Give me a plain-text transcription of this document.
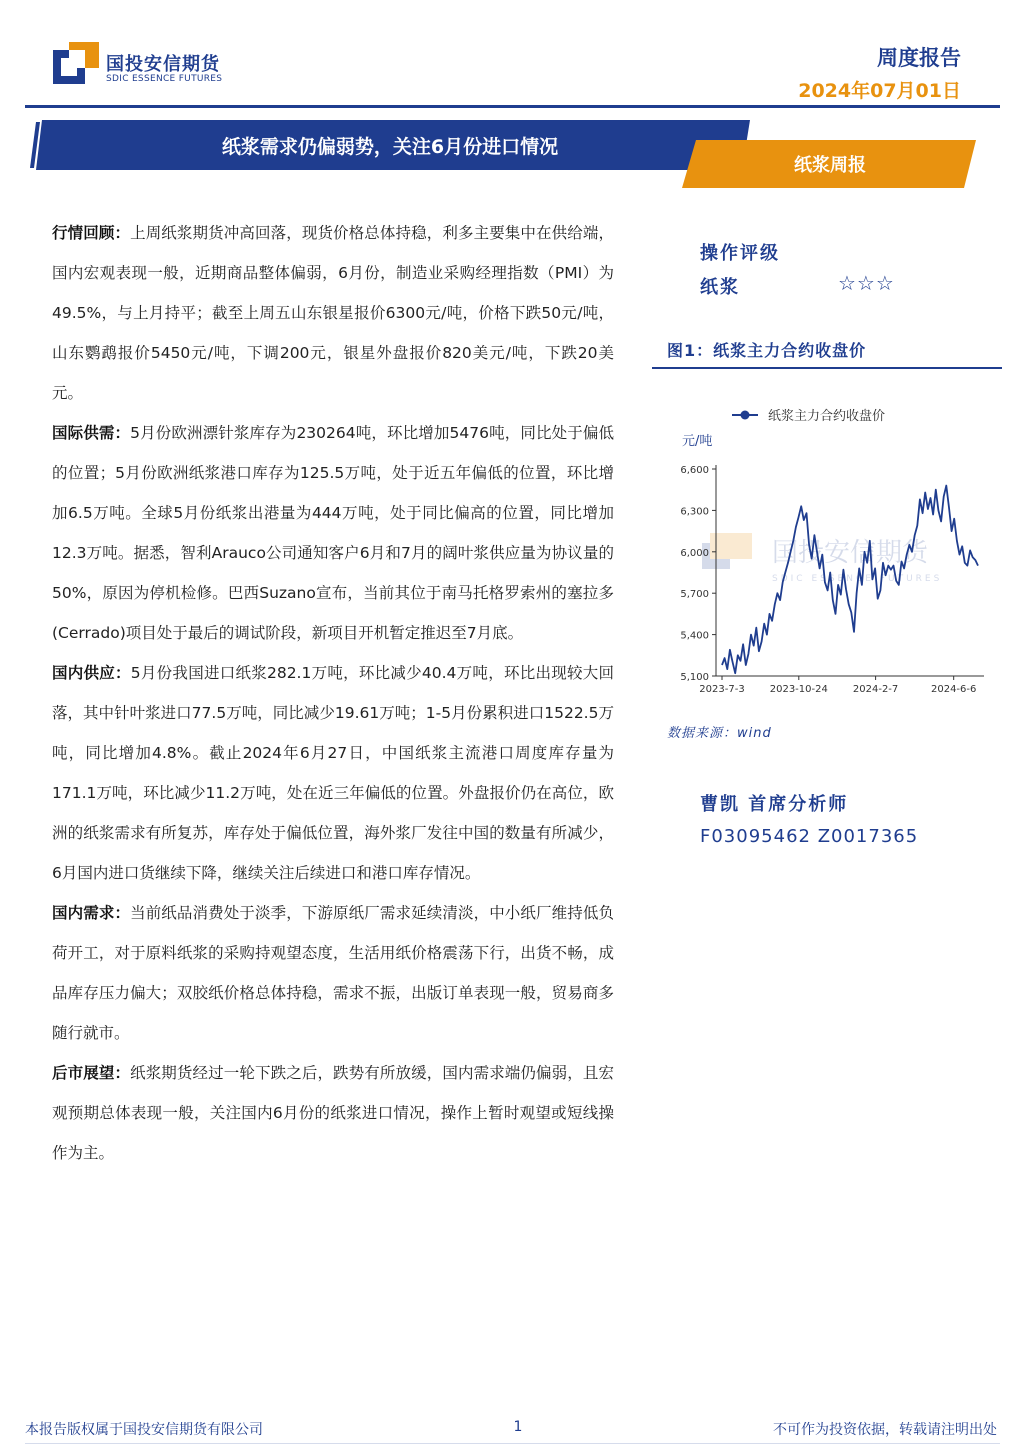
国投安信期货
SDIC ESSENCE FUTURES
周度报告
2024年07月01日
纸浆需求仍偏弱势，关注6月份进口情况
纸浆周报

行情回顾：上周纸浆期货冲高回落，现货价格总体持稳，利多主要集中在供给端，国内宏观表现一般，近期商品整体偏弱，6月份，制造业采购经理指数（PMI）为49.5%，与上月持平；截至上周五山东银星报价6300元/吨，价格下跌50元/吨，山东鹦鹉报价5450元/吨，下调200元，银星外盘报价820美元/吨，下跌20美元。

国际供需：5月份欧洲漂针浆库存为230264吨，环比增加5476吨，同比处于偏低的位置；5月份欧洲纸浆港口库存为125.5万吨，处于近五年偏低的位置，环比增加6.5万吨。全球5月份纸浆出港量为444万吨，处于同比偏高的位置，同比增加12.3万吨。据悉，智利Arauco公司通知客户6月和7月的阔叶浆供应量为协议量的50%，原因为停机检修。巴西Suzano宣布，当前其位于南马托格罗索州的塞拉多(Cerrado)项目处于最后的调试阶段，新项目开机暂定推迟至7月底。

国内供应：5月份我国进口纸浆282.1万吨，环比减少40.4万吨，环比出现较大回落，其中针叶浆进口77.5万吨，同比减少19.61万吨；1-5月份累积进口1522.5万吨，同比增加4.8%。截止2024年6月27日，中国纸浆主流港口周度库存量为171.1万吨，环比减少11.2万吨，处在近三年偏低的位置。外盘报价仍在高位，欧洲的纸浆需求有所复苏，库存处于偏低位置，海外浆厂发往中国的数量有所减少，6月国内进口货继续下降，继续关注后续进口和港口库存情况。

国内需求：当前纸品消费处于淡季，下游原纸厂需求延续清淡，中小纸厂维持低负荷开工，对于原料纸浆的采购持观望态度，生活用纸价格震荡下行，出货不畅，成品库存压力偏大；双胶纸价格总体持稳，需求不振，出版订单表现一般，贸易商多随行就市。

后市展望：纸浆期货经过一轮下跌之后，跌势有所放缓，国内需求端仍偏弱，且宏观预期总体表现一般，关注国内6月份的纸浆进口情况，操作上暂时观望或短线操作为主。

操作评级
纸浆	☆☆☆
图1：纸浆主力合约收盘价
国投安信期货
SDIC ESSENCE FUTURES
纸浆主力合约收盘价
元/吨
5,100
5,400
5,700
6,000
6,300
6,600
2023-7-3	2023-10-24	2024-2-7	2024-6-6
数据来源：wind
曹凯 首席分析师
F03095462 Z0017365
本报告版权属于国投安信期货有限公司	1	不可作为投资依据，转载请注明出处
